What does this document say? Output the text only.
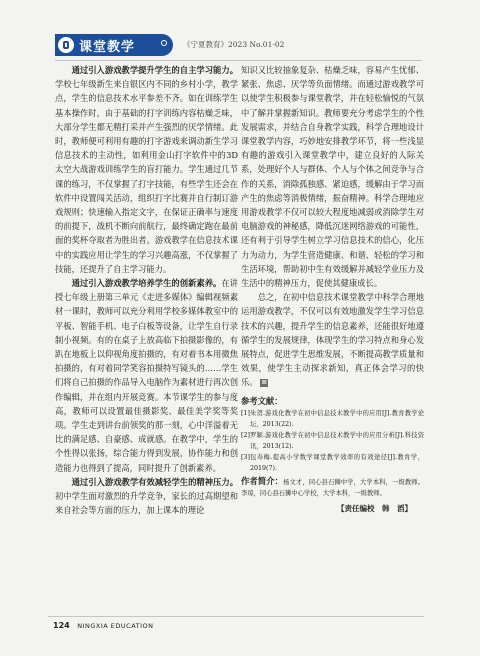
课堂教学	《宁夏教育》2023 No.01-02

通过引入游戏教学提升学生的自主学习能力。学校七年级新生来自银区内不同的乡村小学，教学点，学生的信息技术水平参差不齐。如在训练学生基本操作时，由于基础的打字训练内容枯燥乏味，大部分学生都无精打采并产生强烈的厌学情绪。此时，教师便可利用有趣的打字游戏来调动新生学习信息技术的主动性，如利用金山打字软件中的3D太空大战游戏训练学生的盲打能力。学生通过几节课的练习，不仅掌握了打字技能，有些学生还会在软件中设置闯关活动，组织打字比赛并自行制订游戏规则；快速输入指定文字，在保证正确率与速度的前提下，战机不断向前航行，最终确定跑在最前面的奖杯夺取者为胜出者。游戏教学在信息技术课中的实践应用让学生的学习兴趣高涨，不仅掌握了技能，还提升了自主学习能力。

通过引入游戏教学培养学生的创新素养。在讲授七年级上册第三单元《走进多媒体》编辑视频素材一课时，教师可以充分利用学校多媒体教室中的平板、智能手机、电子白板等设备，让学生自行录制小视频。有的在桌子上放高临下拍摄影像的，有趴在地板上以仰视角度拍摄的，有对着书本用微焦拍摄的，有对着同学笑容拍摄特写镜头的……学生们将自己拍摄的作品导入电脑作为素材进行再次创作编辑，并在组内开展竞赛。本节课学生的参与度高，教师可以设置最佳摄影奖、最佳美学奖等奖项。学生走到讲台前领奖的那一刻，心中洋溢着无比的满足感、自豪感、成就感。在教学中，学生的个性得以张扬，综合能力得到发展，协作能力和创造能力也得到了提高，同时提升了创新素养。

通过引入游戏教学有效减轻学生的精神压力。初中学生面对激烈的升学竞争，家长的过高期望和来自社会等方面的压力，加上课本的理论

知识又比较抽象复杂、枯燥乏味，容易产生忧郁、紧张、焦虑、厌学等负面情绪。而通过游戏教学可以使学生积极参与课堂教学，并在轻松愉悦的气氛中了解并掌握新知识。教师要充分考虑学生的个性发展需求，并结合自身教学实践，科学合理地设计课堂教学内容，巧妙地安排教学环节，将一些浅显有趣的游戏引入课堂教学中，建立良好的人际关系，处理好个人与群体、个人与个体之间竞争与合作的关系，消除孤独感、紧迫感，缓解由于学习而产生的焦虑等消极情绪，振奋精神。科学合理地应用游戏教学不仅可以较大程度地减弱或消除学生对电脑游戏的神秘感，降低沉迷网络游戏的可能性，还有利于引导学生树立学习信息技术的信心，化压力为动力，为学生营造健康、和谐、轻松的学习和生活环境，帮助初中生有效缓解并减轻学业压力及生活中的精神压力，促使其健康成长。

总之，在初中信息技术课堂教学中科学合理地运用游戏教学，不仅可以有效地激发学生学习信息技术的兴趣，提升学生的信息素养，还能很好地遵循学生的发展规律，体现学生的学习特点和身心发展特点，促进学生思维发展，不断提高教学质量和效果，使学生主动探求新知，真正体会学习的快乐。 ⊠

参考文献：
[1] 朱贺.游戏化教学在初中信息技术教学中的应用[J].教育教学论坛，2013(22).
[2] 罗颖.游戏化教学在初中信息技术教学中的应用分析[J].科技资讯，2013(12).
[3] 包寿梅.提高小学数学课堂教学效率的有效途径[J].教育学，2019(7).
作者简介：杨文才，同心县石狮中学，大学本科，一级教师。李琼，同心县石狮中心学校，大学本科，一级教师。
【责任编校　韩　滔】
124 NINGXIA EDUCATION
